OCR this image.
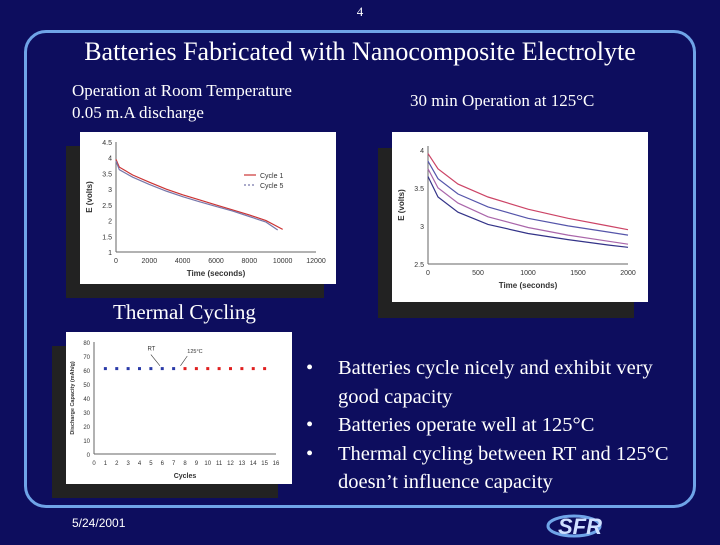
4
Batteries Fabricated with Nanocomposite Electrolyte
Operation at Room Temperature
0.05 m.A discharge
30 min Operation at 125°C
0	2000	4000	6000	8000 10000 12000
1
1.5
2
2.5
3
3.5
4
4.5
Time (seconds)
E (volts)
Cycle 1
Cycle 5
0	500	1000	1500	2000
2.5
3
3.5
4
Time (seconds)
E (volts)
Thermal Cycling
0 1 2 3 4 5 6 7 8 9 10 11 12 13 14 15 16
0
10
20
30
40
50
60
70
80
Cycles
Discharge Capacity (mAh/g)
RT	125°C
•	Batteries cycle nicely and exhibit very good capacity
•	Batteries operate well at 125°C
•	Thermal cycling between RT and 125°C doesn’t influence capacity
5/24/2001	SFR
